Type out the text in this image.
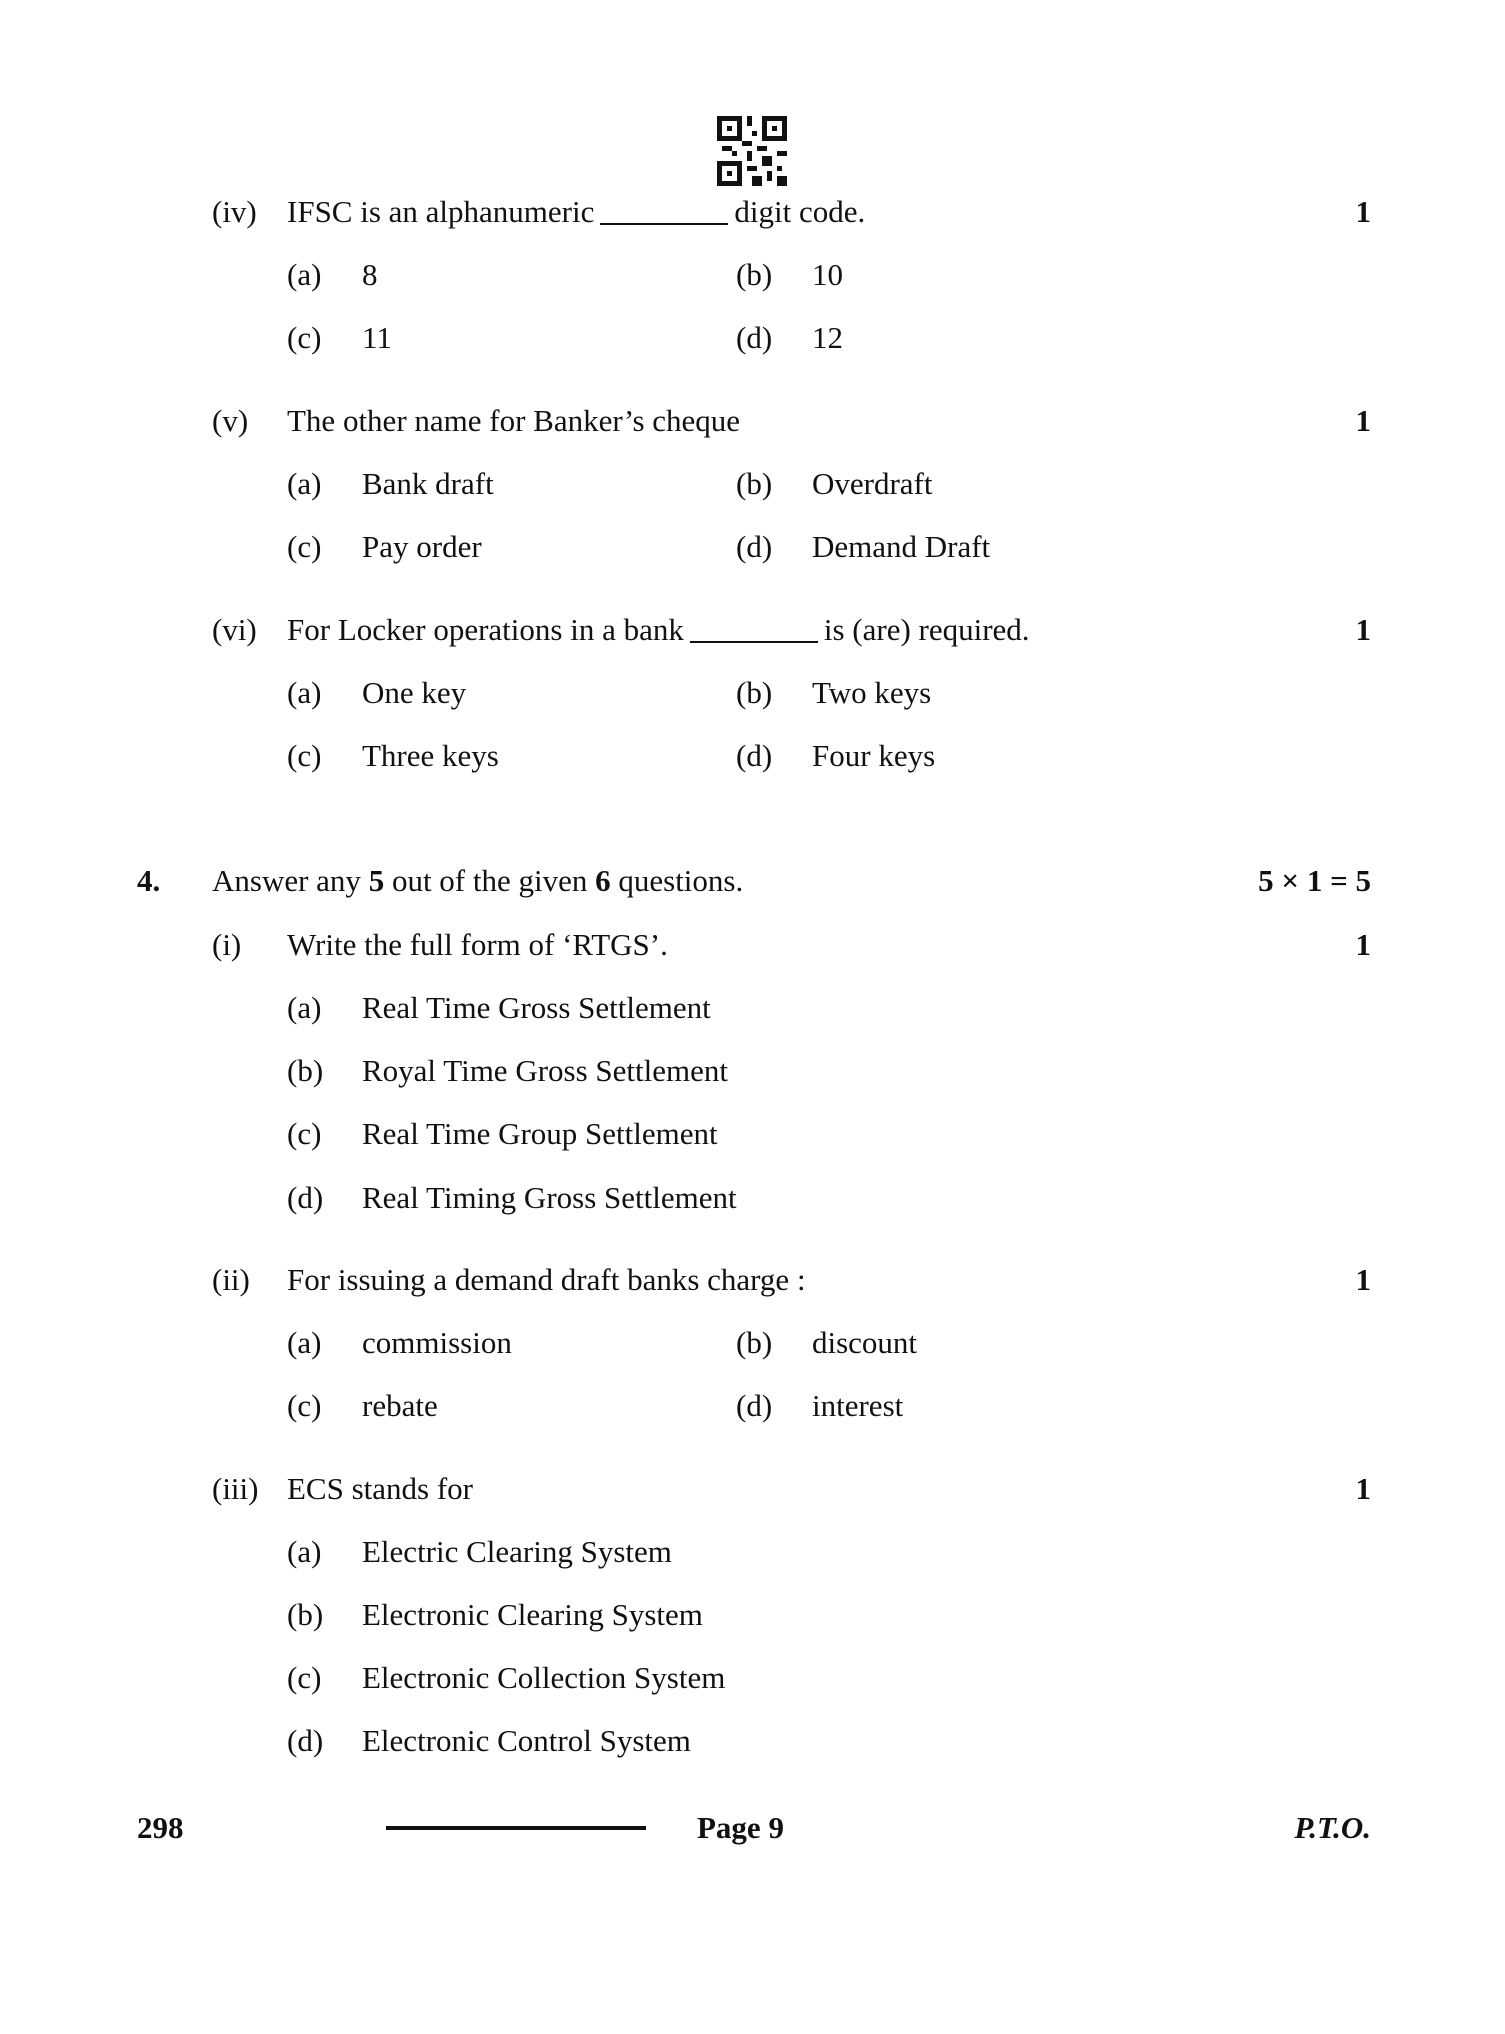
(iv) IFSC is an alphanumeric	digit code.	1
(a) 8	(b) 10
(c) 11	(d) 12
(v) The other name for Banker’s cheque	1
(a) Bank draft	(b) Overdraft
(c) Pay order	(d) Demand Draft
(vi) For Locker operations in a bank	is (are) required.	1
(a) One key	(b) Two keys
(c) Three keys	(d) Four keys
4. Answer any 5 out of the given 6 questions.	5 × 1 = 5
(i) Write the full form of ‘RTGS’.	1
(a) Real Time Gross Settlement
(b) Royal Time Gross Settlement
(c) Real Time Group Settlement
(d) Real Timing Gross Settlement
(ii) For issuing a demand draft banks charge :	1
(a) commission	(b) discount
(c) rebate	(d) interest
(iii) ECS stands for	1
(a) Electric Clearing System
(b) Electronic Clearing System
(c) Electronic Collection System
(d) Electronic Control System
298	Page 9	P.T.O.
